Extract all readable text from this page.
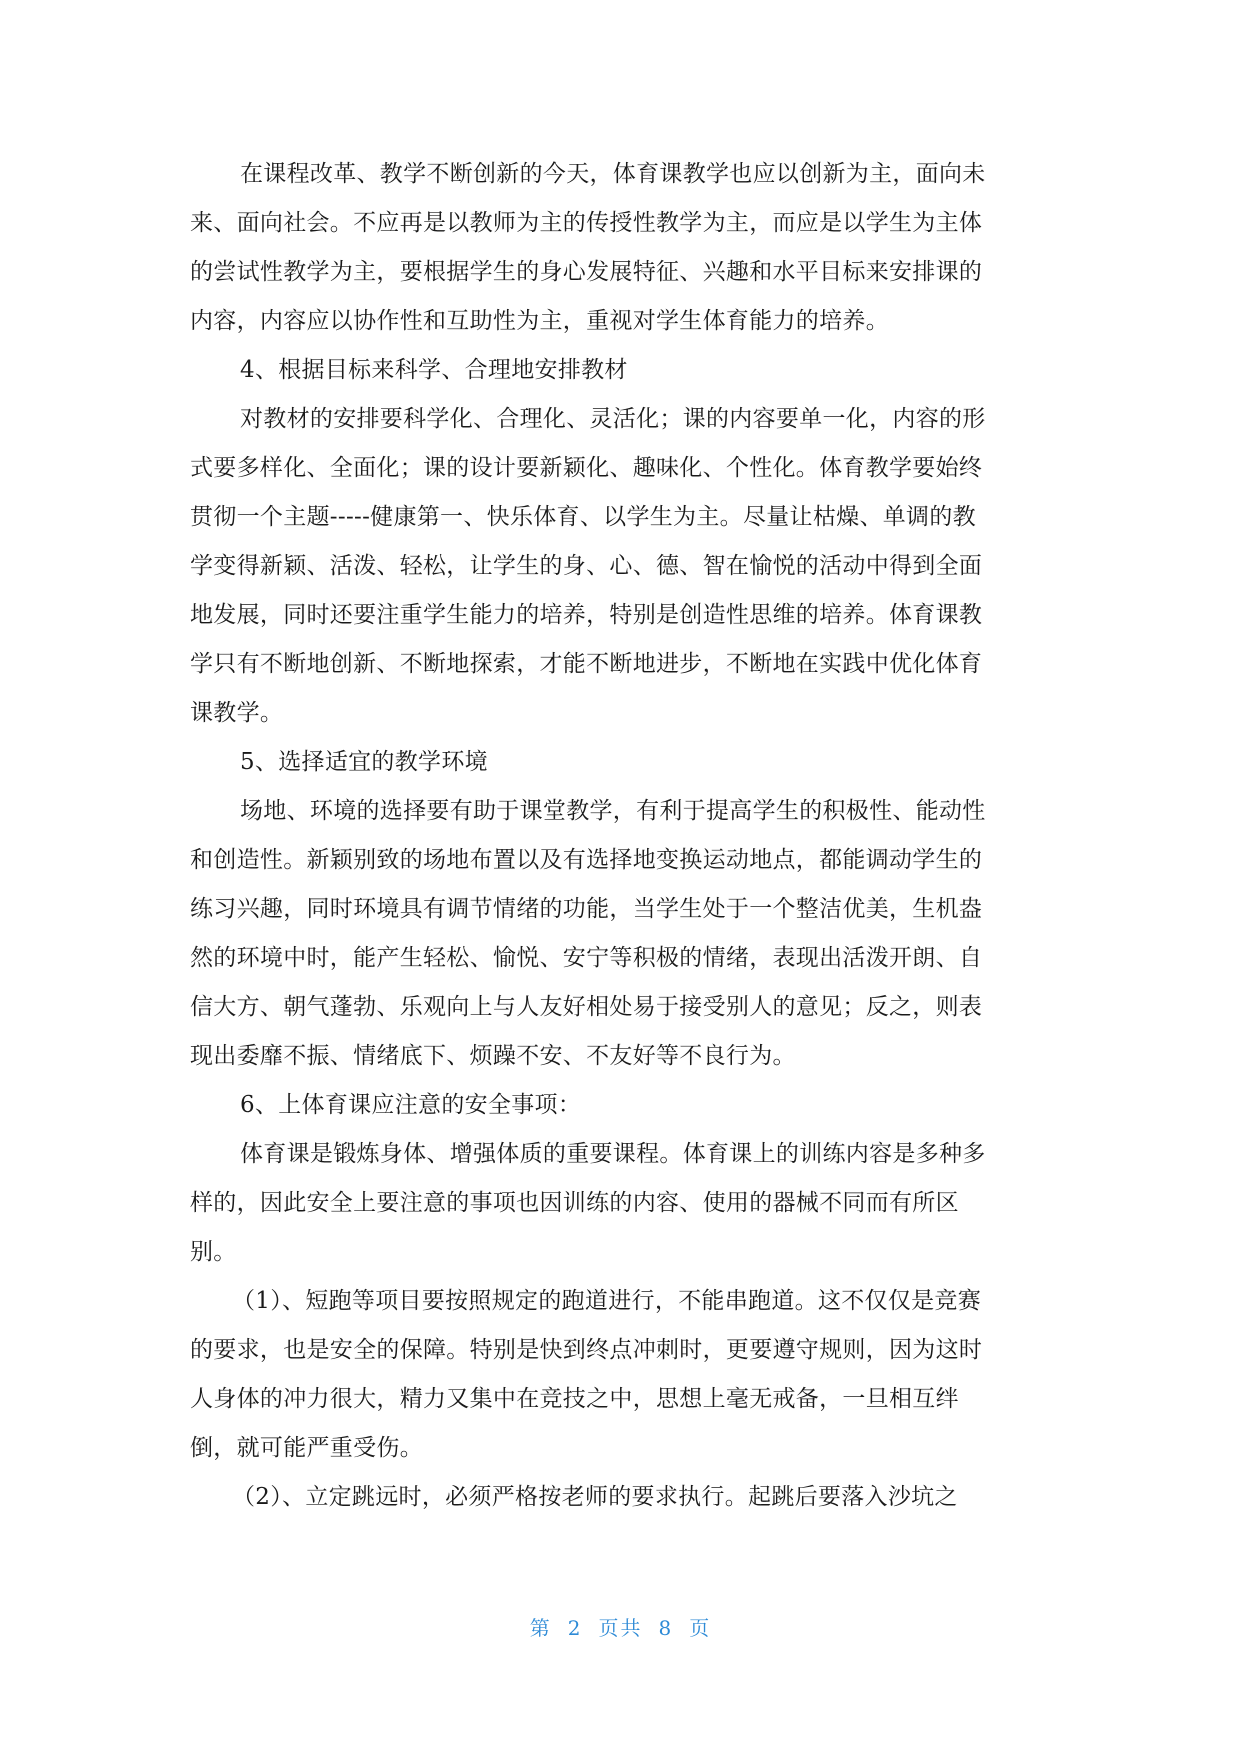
在课程改革、教学不断创新的今天，体育课教学也应以创新为主，面向未
来、面向社会。不应再是以教师为主的传授性教学为主，而应是以学生为主体
的尝试性教学为主，要根据学生的身心发展特征、兴趣和水平目标来安排课的
内容，内容应以协作性和互助性为主，重视对学生体育能力的培养。
4、根据目标来科学、合理地安排教材
对教材的安排要科学化、合理化、灵活化；课的内容要单一化，内容的形
式要多样化、全面化；课的设计要新颖化、趣味化、个性化。体育教学要始终
贯彻一个主题-----健康第一、快乐体育、以学生为主。尽量让枯燥、单调的教
学变得新颖、活泼、轻松，让学生的身、心、德、智在愉悦的活动中得到全面
地发展，同时还要注重学生能力的培养，特别是创造性思维的培养。体育课教
学只有不断地创新、不断地探索，才能不断地进步，不断地在实践中优化体育
课教学。
5、选择适宜的教学环境
场地、环境的选择要有助于课堂教学，有利于提高学生的积极性、能动性
和创造性。新颖别致的场地布置以及有选择地变换运动地点，都能调动学生的
练习兴趣，同时环境具有调节情绪的功能，当学生处于一个整洁优美，生机盎
然的环境中时，能产生轻松、愉悦、安宁等积极的情绪，表现出活泼开朗、自
信大方、朝气蓬勃、乐观向上与人友好相处易于接受别人的意见；反之，则表
现出委靡不振、情绪底下、烦躁不安、不友好等不良行为。
6、上体育课应注意的安全事项：
体育课是锻炼身体、增强体质的重要课程。体育课上的训练内容是多种多
样的，因此安全上要注意的事项也因训练的内容、使用的器械不同而有所区
别。
（1）、短跑等项目要按照规定的跑道进行，不能串跑道。这不仅仅是竞赛
的要求，也是安全的保障。特别是快到终点冲刺时，更要遵守规则，因为这时
人身体的冲力很大，精力又集中在竞技之中，思想上毫无戒备，一旦相互绊
倒，就可能严重受伤。
（2）、立定跳远时，必须严格按老师的要求执行。起跳后要落入沙坑之
第 2 页共 8 页
